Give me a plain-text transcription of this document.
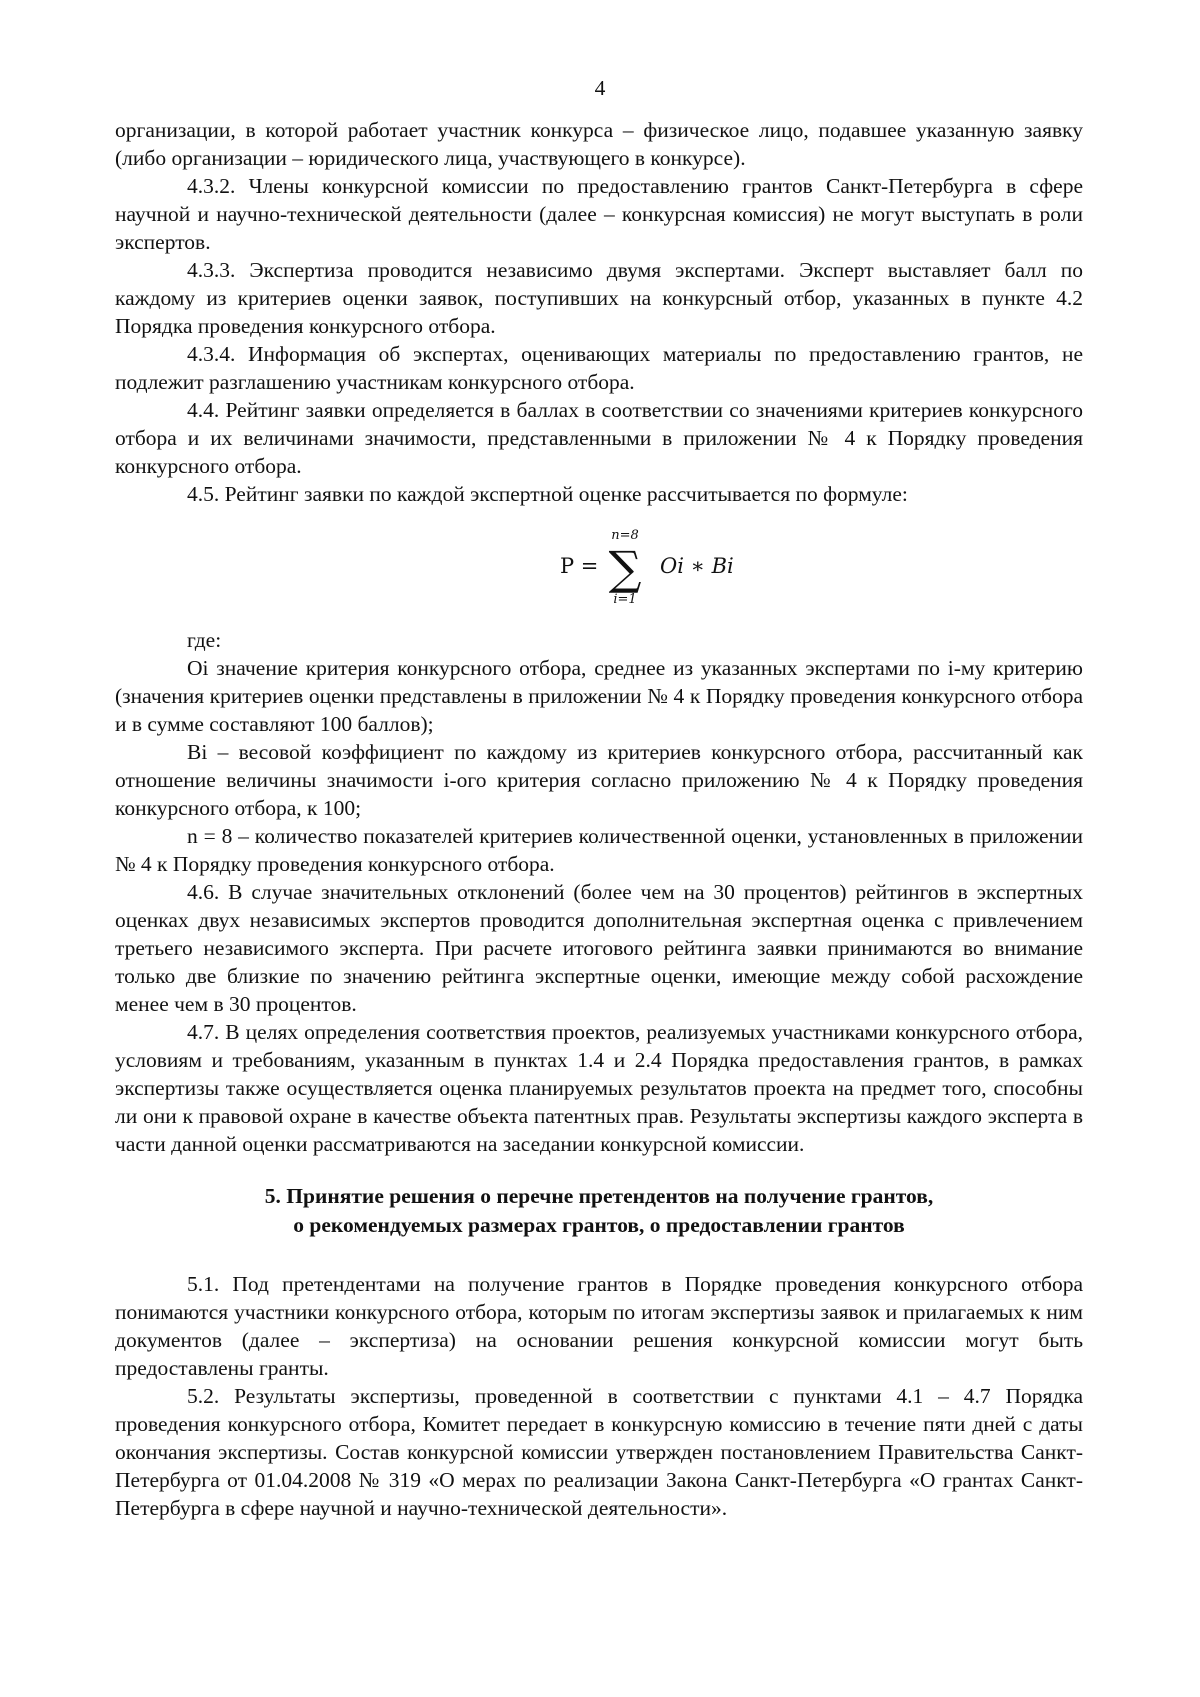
4

организации, в которой работает участник конкурса – физическое лицо, подавшее указанную заявку (либо организации – юридического лица, участвующего в конкурсе).

4.3.2. Члены конкурсной комиссии по предоставлению грантов Санкт-Петербурга в сфере научной и научно-технической деятельности (далее – конкурсная комиссия) не могут выступать в роли экспертов.

4.3.3. Экспертиза проводится независимо двумя экспертами. Эксперт выставляет балл по каждому из критериев оценки заявок, поступивших на конкурсный отбор, указанных в пункте 4.2 Порядка проведения конкурсного отбора.

4.3.4. Информация об экспертах, оценивающих материалы по предоставлению грантов, не подлежит разглашению участникам конкурсного отбора.

4.4. Рейтинг заявки определяется в баллах в соответствии со значениями критериев конкурсного отбора и их величинами значимости, представленными в приложении № 4 к Порядку проведения конкурсного отбора.

4.5. Рейтинг заявки по каждой экспертной оценке рассчитывается по формуле:

P =
n=8
∑
i=1
Oi ∗ Bi

где:

Oi значение критерия конкурсного отбора, среднее из указанных экспертами по i-му критерию (значения критериев оценки представлены в приложении № 4 к Порядку проведения конкурсного отбора и в сумме составляют 100 баллов);

Bi – весовой коэффициент по каждому из критериев конкурсного отбора, рассчитанный как отношение величины значимости i-ого критерия согласно приложению № 4 к Порядку проведения конкурсного отбора, к 100;

n = 8 – количество показателей критериев количественной оценки, установленных в приложении № 4 к Порядку проведения конкурсного отбора.

4.6. В случае значительных отклонений (более чем на 30 процентов) рейтингов в экспертных оценках двух независимых экспертов проводится дополнительная экспертная оценка с привлечением третьего независимого эксперта. При расчете итогового рейтинга заявки принимаются во внимание только две близкие по значению рейтинга экспертные оценки, имеющие между собой расхождение менее чем в 30 процентов.

4.7. В целях определения соответствия проектов, реализуемых участниками конкурсного отбора, условиям и требованиям, указанным в пунктах 1.4 и 2.4 Порядка предоставления грантов, в рамках экспертизы также осуществляется оценка планируемых результатов проекта на предмет того, способны ли они к правовой охране в качестве объекта патентных прав. Результаты экспертизы каждого эксперта в части данной оценки рассматриваются на заседании конкурсной комиссии.

5. Принятие решения о перечне претендентов на получение грантов,
о рекомендуемых размерах грантов, о предоставлении грантов

5.1. Под претендентами на получение грантов в Порядке проведения конкурсного отбора понимаются участники конкурсного отбора, которым по итогам экспертизы заявок и прилагаемых к ним документов (далее – экспертиза) на основании решения конкурсной комиссии могут быть предоставлены гранты.

5.2. Результаты экспертизы, проведенной в соответствии с пунктами 4.1 – 4.7 Порядка проведения конкурсного отбора, Комитет передает в конкурсную комиссию в течение пяти дней с даты окончания экспертизы. Состав конкурсной комиссии утвержден постановлением Правительства Санкт-Петербурга от 01.04.2008 № 319 «О мерах по реализации Закона Санкт-Петербурга «О грантах Санкт-Петербурга в сфере научной и научно-технической деятельности».
